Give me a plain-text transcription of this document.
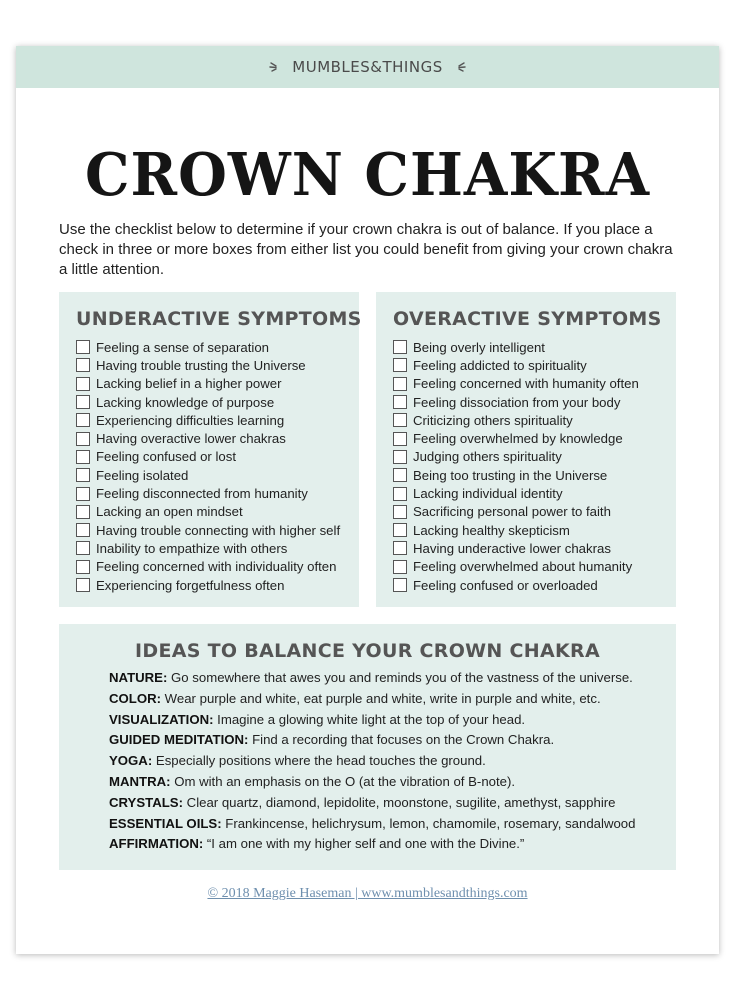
MUMBLES&THINGS
CROWN CHAKRA

Use the checklist below to determine if your crown chakra is out of balance. If you place a check in three or more boxes from either list you could benefit from giving your crown chakra a little attention.

UNDERACTIVE SYMPTOMS
Feeling a sense of separation
Having trouble trusting the Universe
Lacking belief in a higher power
Lacking knowledge of purpose
Experiencing difficulties learning
Having overactive lower chakras
Feeling confused or lost
Feeling isolated
Feeling disconnected from humanity
Lacking an open mindset
Having trouble connecting with higher self
Inability to empathize with others
Feeling concerned with individuality often
Experiencing forgetfulness often
OVERACTIVE SYMPTOMS
Being overly intelligent
Feeling addicted to spirituality
Feeling concerned with humanity often
Feeling dissociation from your body
Criticizing others spirituality
Feeling overwhelmed by knowledge
Judging others spirituality
Being too trusting in the Universe
Lacking individual identity
Sacrificing personal power to faith
Lacking healthy skepticism
Having underactive lower chakras
Feeling overwhelmed about humanity
Feeling confused or overloaded
IDEAS TO BALANCE YOUR CROWN CHAKRA
NATURE: Go somewhere that awes you and reminds you of the vastness of the universe.
COLOR: Wear purple and white, eat purple and white, write in purple and white, etc.
VISUALIZATION: Imagine a glowing white light at the top of your head.
GUIDED MEDITATION: Find a recording that focuses on the Crown Chakra.
YOGA: Especially positions where the head touches the ground.
MANTRA: Om with an emphasis on the O (at the vibration of B-note).
CRYSTALS: Clear quartz, diamond, lepidolite, moonstone, sugilite, amethyst, sapphire
ESSENTIAL OILS: Frankincense, helichrysum, lemon, chamomile, rosemary, sandalwood
AFFIRMATION: “I am one with my higher self and one with the Divine.”
© 2018 Maggie Haseman | www.mumblesandthings.com
